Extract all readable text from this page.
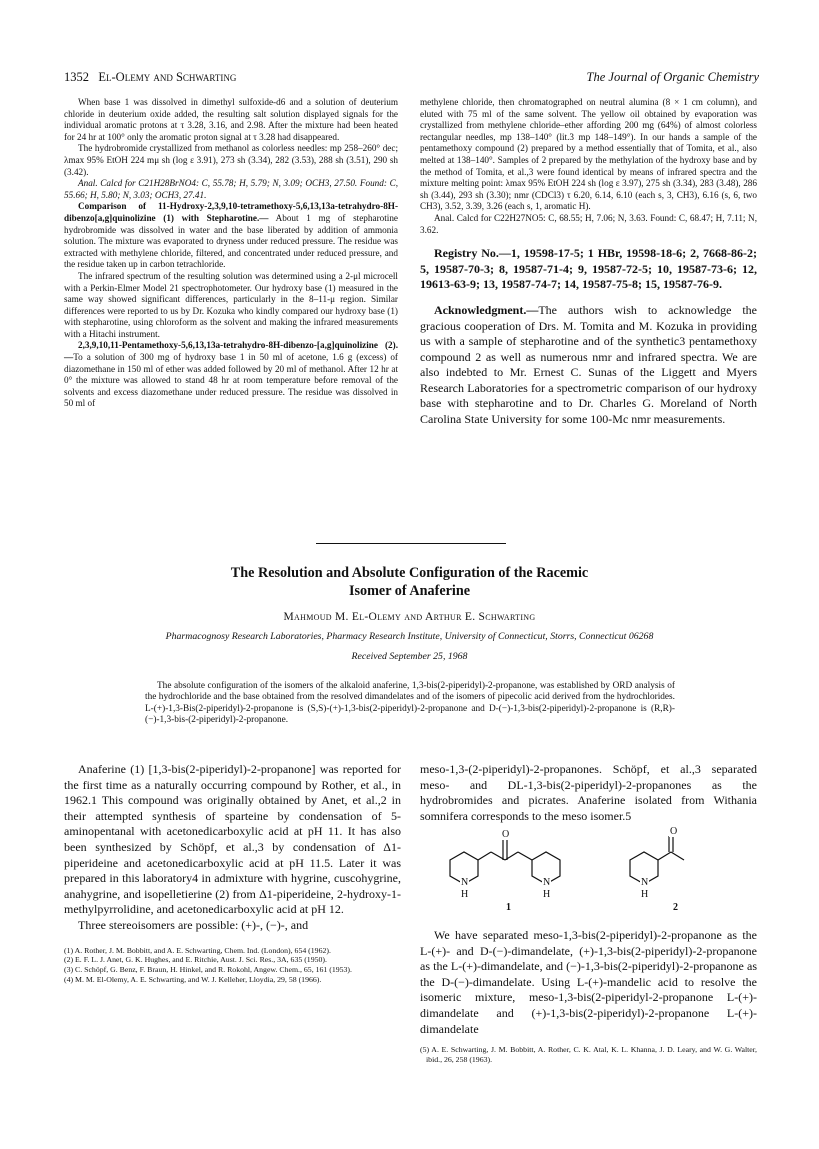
1352 El-Olemy and Schwarting	The Journal of Organic Chemistry

When base 1 was dissolved in dimethyl sulfoxide-d6 and a solution of deuterium chloride in deuterium oxide added, the resulting salt solution displayed signals for the individual aromatic protons at τ 3.28, 3.16, and 2.98. After the mixture had been heated for 24 hr at 100° only the aromatic proton signal at τ 3.28 had disappeared.

The hydrobromide crystallized from methanol as colorless needles: mp 258–260° dec; λmax 95% EtOH 224 mμ sh (log ε 3.91), 273 sh (3.34), 282 (3.53), 288 sh (3.51), 290 sh (3.42).

Anal. Calcd for C21H28BrNO4: C, 55.78; H, 5.79; N, 3.09; OCH3, 27.50. Found: C, 55.66; H, 5.80; N, 3.03; OCH3, 27.41.

Comparison of 11-Hydroxy-2,3,9,10-tetramethoxy-5,6,13,13a-tetrahydro-8H-dibenzo[a,g]quinolizine (1) with Stepharotine.— About 1 mg of stepharotine hydrobromide was dissolved in water and the base liberated by addition of ammonia solution. The mixture was evaporated to dryness under reduced pressure. The residue was extracted with methylene chloride, filtered, and concentrated under reduced pressure, and the residue taken up in carbon tetrachloride.

The infrared spectrum of the resulting solution was determined using a 2-μl microcell with a Perkin-Elmer Model 21 spectrophotometer. Our hydroxy base (1) measured in the same way showed significant differences, particularly in the 8–11-μ region. Similar differences were reported to us by Dr. Kozuka who kindly compared our hydroxy base (1) with stepharotine, using chloroform as the solvent and making the infrared measurements with a Hitachi instrument.

2,3,9,10,11-Pentamethoxy-5,6,13,13a-tetrahydro-8H-dibenzo-[a,g]quinolizine (2).—To a solution of 300 mg of hydroxy base 1 in 50 ml of acetone, 1.6 g (excess) of diazomethane in 150 ml of ether was added followed by 20 ml of methanol. After 12 hr at 0° the mixture was allowed to stand 48 hr at room temperature before removal of the solvents and excess diazomethane under reduced pressure. The residue was dissolved in 50 ml of

methylene chloride, then chromatographed on neutral alumina (8 × 1 cm column), and eluted with 75 ml of the same solvent. The yellow oil obtained by evaporation was crystallized from methylene chloride–ether affording 200 mg (64%) of almost colorless rectangular needles, mp 138–140° (lit.3 mp 148–149°). In our hands a sample of the pentamethoxy compound (2) prepared by a method essentially that of Tomita, et al., also melted at 138–140°. Samples of 2 prepared by the methylation of the hydroxy base and by the method of Tomita, et al.,3 were found identical by means of infrared spectra and the mixture melting point: λmax 95% EtOH 224 sh (log ε 3.97), 275 sh (3.34), 283 (3.48), 286 sh (3.44), 293 sh (3.30); nmr (CDCl3) τ 6.20, 6.14, 6.10 (each s, 3, CH3), 6.16 (s, 6, two CH3), 3.52, 3.39, 3.26 (each s, 1, aromatic H).

Anal. Calcd for C22H27NO5: C, 68.55; H, 7.06; N, 3.63. Found: C, 68.47; H, 7.11; N, 3.62.

Registry No.—1, 19598-17-5; 1 HBr, 19598-18-6; 2, 7668-86-2; 5, 19587-70-3; 8, 19587-71-4; 9, 19587-72-5; 10, 19587-73-6; 12, 19613-63-9; 13, 19587-74-7; 14, 19587-75-8; 15, 19587-76-9.

Acknowledgment.—The authors wish to acknowledge the gracious cooperation of Drs. M. Tomita and M. Kozuka in providing us with a sample of stepharotine and of the synthetic3 pentamethoxy compound 2 as well as numerous nmr and infrared spectra. We are also indebted to Mr. Ernest C. Sunas of the Liggett and Myers Research Laboratories for a spectrometric comparison of our hydroxy base with stepharotine and to Dr. Charles G. Moreland of North Carolina State University for some 100-Mc nmr measurements.

The Resolution and Absolute Configuration of the Racemic
Isomer of Anaferine
Mahmoud M. El-Olemy and Arthur E. Schwarting
Pharmacognosy Research Laboratories, Pharmacy Research Institute, University of Connecticut, Storrs, Connecticut 06268
Received September 25, 1968
The absolute configuration of the isomers of the alkaloid anaferine, 1,3-bis(2-piperidyl)-2-propanone, was established by ORD analysis of the hydrochloride and the base obtained from the resolved dimandelates and of the isomers of pipecolic acid derived from the hydrochlorides. L-(+)-1,3-Bis(2-piperidyl)-2-propanone is (S,S)-(+)-1,3-bis(2-piperidyl)-2-propanone and D-(−)-1,3-bis(2-piperidyl)-2-propanone is (R,R)-(−)-1,3-bis-(2-piperidyl)-2-propanone.

Anaferine (1) [1,3-bis(2-piperidyl)-2-propanone] was reported for the first time as a naturally occurring compound by Rother, et al., in 1962.1 This compound was originally obtained by Anet, et al.,2 in their attempted synthesis of sparteine by condensation of 5-aminopentanal with acetonedicarboxylic acid at pH 11. It has also been synthesized by Schöpf, et al.,3 by condensation of Δ1-piperideine and acetonedicarboxylic acid at pH 11.5. Later it was prepared in this laboratory4 in admixture with hygrine, cuscohygrine, anahygrine, and isopelletierine (2) from Δ1-piperideine, 2-hydroxy-1-methylpyrrolidine, and acetonedicarboxylic acid at pH 12.

Three stereoisomers are possible: (+)-, (−)-, and

(1) A. Rother, J. M. Bobbitt, and A. E. Schwarting, Chem. Ind. (London), 654 (1962).

(2) E. F. L. J. Anet, G. K. Hughes, and E. Ritchie, Aust. J. Sci. Res., 3A, 635 (1950).

(3) C. Schöpf, G. Benz, F. Braun, H. Hinkel, and R. Rokohl, Angew. Chem., 65, 161 (1953).

(4) M. M. El-Olemy, A. E. Schwarting, and W. J. Kelleher, Lloydia, 29, 58 (1966).

meso-1,3-(2-piperidyl)-2-propanones. Schöpf, et al.,3 separated meso- and DL-1,3-bis(2-piperidyl)-2-propanones as the hydrobromides and picrates. Anaferine isolated from Withania somnifera corresponds to the meso isomer.5

O	O
N
H
N
H
N
H
1	2

We have separated meso-1,3-bis(2-piperidyl)-2-propanone as the L-(+)- and D-(−)-dimandelate, (+)-1,3-bis(2-piperidyl)-2-propanone as the L-(+)-dimandelate, and (−)-1,3-bis(2-piperidyl)-2-propanone as the D-(−)-dimandelate. Using L-(+)-mandelic acid to resolve the isomeric mixture, meso-1,3-bis(2-piperidyl-2-propanone L-(+)-dimandelate and (+)-1,3-bis(2-piperidyl)-2-propanone L-(+)-dimandelate

(5) A. E. Schwarting, J. M. Bobbitt, A. Rother, C. K. Atal, K. L. Khanna, J. D. Leary, and W. G. Walter, ibid., 26, 258 (1963).
